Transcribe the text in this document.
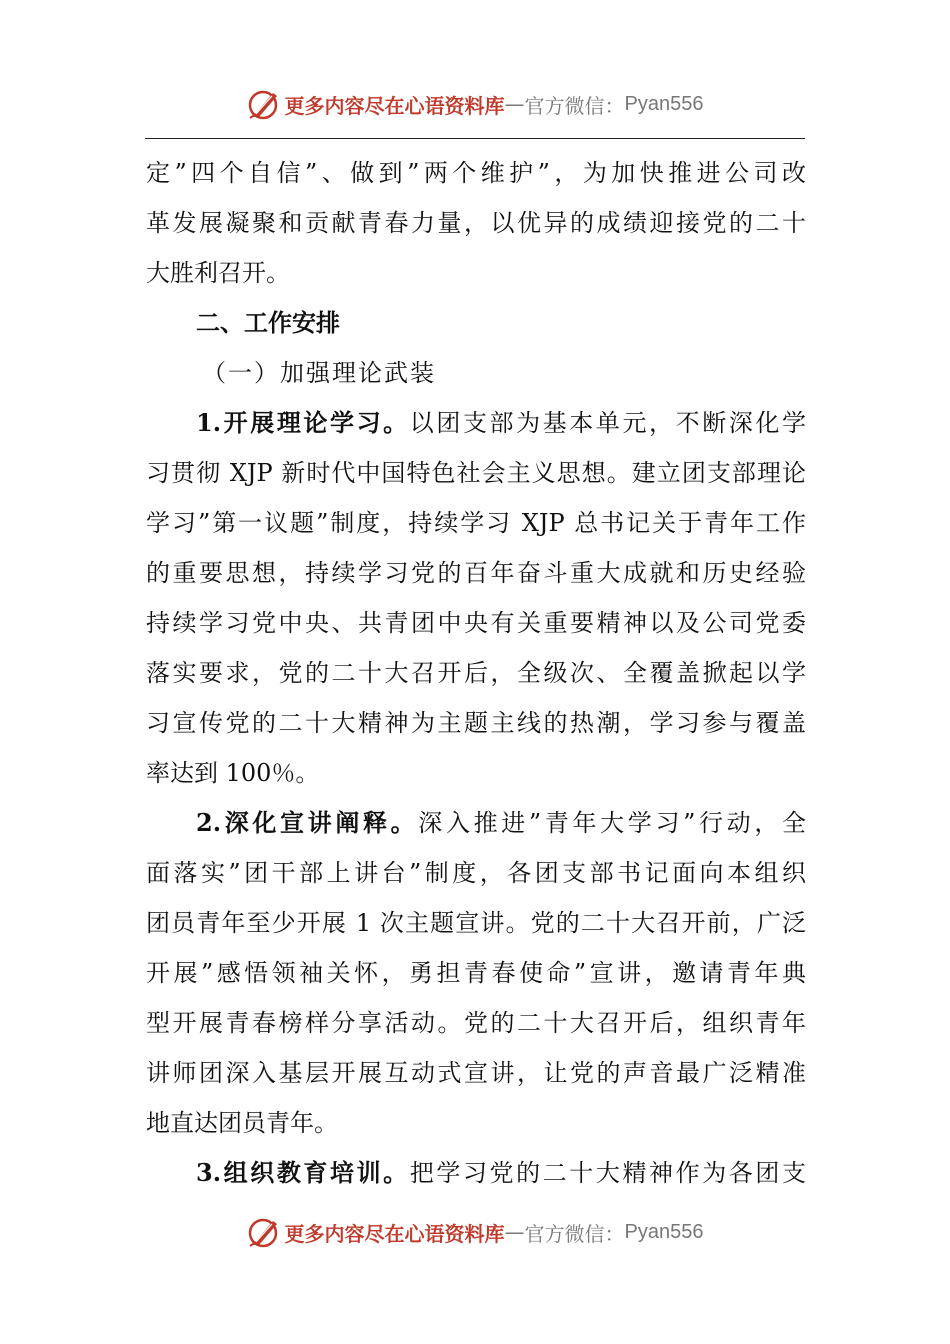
更多内容尽在心语资料库 — 官方微信： Pyan556
定”四个自信”、做到”两个维护”，为加快推进公司改
革发展凝聚和贡献青春力量，以优异的成绩迎接党的二十
大胜利召开。
二、工作安排
（一）加强理论武装
1.开展理论学习。以团支部为基本单元，不断深化学
习贯彻 XJP 新时代中国特色社会主义思想。建立团支部理论
学习”第一议题”制度，持续学习 XJP 总书记关于青年工作
的重要思想，持续学习党的百年奋斗重大成就和历史经验
持续学习党中央、共青团中央有关重要精神以及公司党委
落实要求，党的二十大召开后，全级次、全覆盖掀起以学
习宣传党的二十大精神为主题主线的热潮，学习参与覆盖
率达到 100％。
2.深化宣讲阐释。深入推进”青年大学习”行动，全
面落实”团干部上讲台”制度，各团支部书记面向本组织
团员青年至少开展 1 次主题宣讲。党的二十大召开前，广泛
开展”感悟领袖关怀，勇担青春使命”宣讲，邀请青年典
型开展青春榜样分享活动。党的二十大召开后，组织青年
讲师团深入基层开展互动式宣讲，让党的声音最广泛精准
地直达团员青年。
3.组织教育培训。把学习党的二十大精神作为各团支
更多内容尽在心语资料库 — 官方微信： Pyan556
